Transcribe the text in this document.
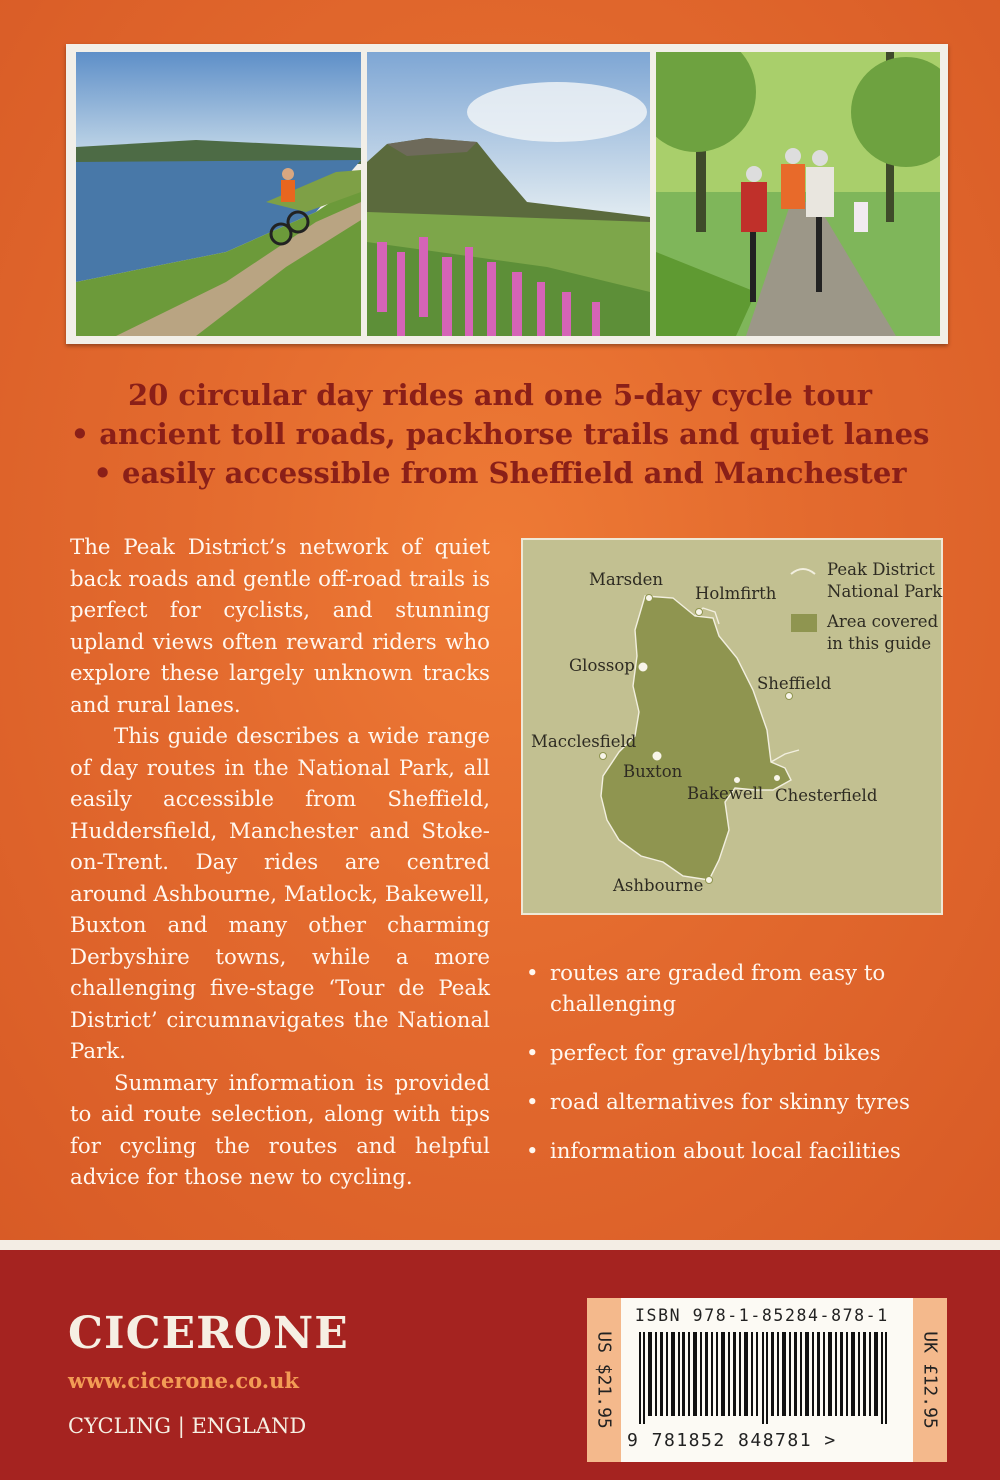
20 circular day rides and one 5-day cycle tour
• ancient toll roads, packhorse trails and quiet lanes
• easily accessible from Sheffield and Manchester

The Peak District’s network of quiet back roads and gentle off-road trails is perfect for cyclists, and stunning upland views often reward riders who explore these largely unknown tracks and rural lanes.

This guide describes a wide range of day routes in the National Park, all easily accessible from Sheffield, Huddersfield, Manchester and Stoke-on-Trent. Day rides are centred around Ashbourne, Matlock, Bakewell, Buxton and many other charming Derbyshire towns, while a more challenging five-stage ‘Tour de Peak District’ circumnavigates the National Park.

Summary information is provided to aid route selection, along with tips for cycling the routes and helpful advice for those new to cycling.

Peak District
National Park
Area covered
in this guide
Marsden
Holmfirth
Glossop
Sheffield
Macclesfield
Buxton
Bakewell Chesterfield
Ashbourne
• routes are graded from easy to challenging
• perfect for gravel/hybrid bikes
• road alternatives for skinny tyres
• information about local facilities
CICERONE
www.cicerone.co.uk
CYCLING | ENGLAND	US $21.95	UK £12.95
ISBN 978-1-85284-878-1
9 781852 848781 >
